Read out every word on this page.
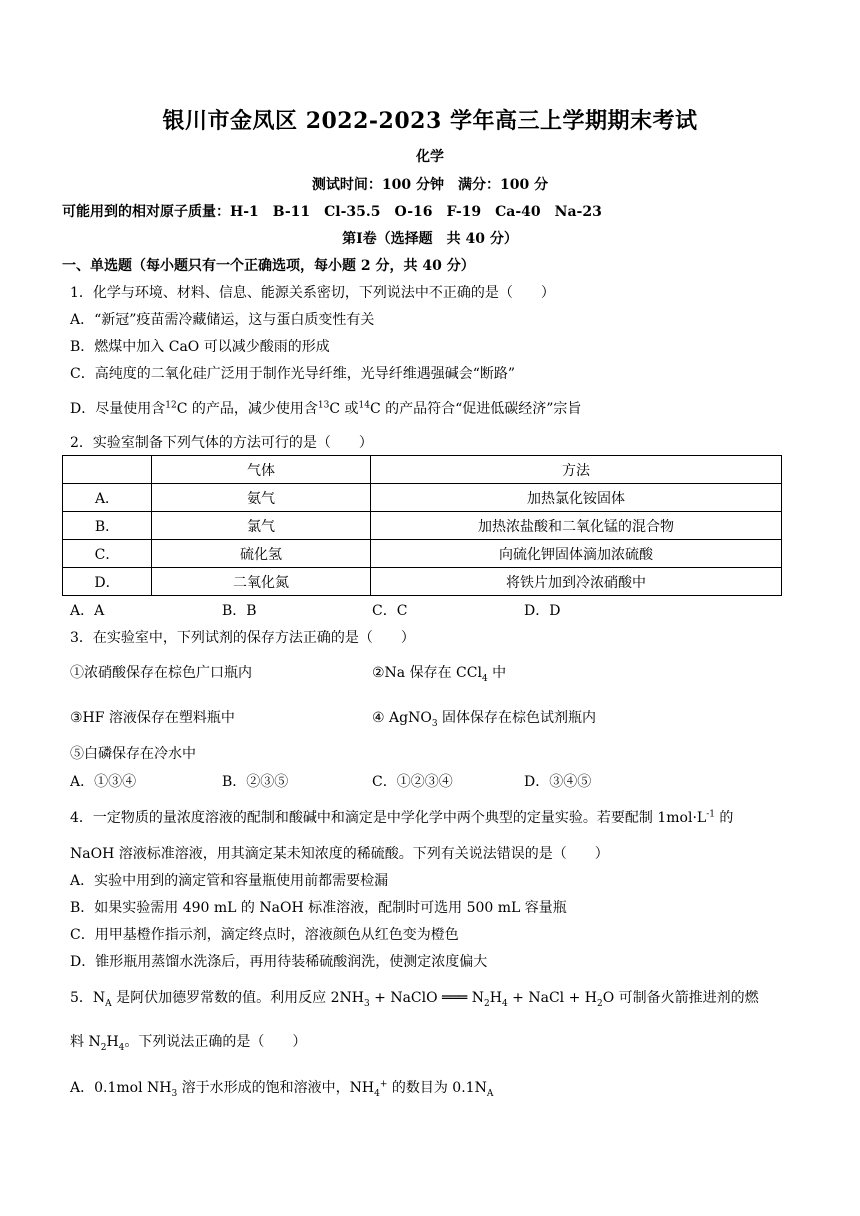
银川市金凤区 2022-2023 学年高三上学期期末考试
化学
测试时间：100 分钟　满分：100 分
可能用到的相对原子质量：H-1　B-11　Cl-35.5　O-16　F-19　Ca-40　Na-23
第Ⅰ卷（选择题　共 40 分）
一、单选题（每小题只有一个正确选项，每小题 2 分，共 40 分）
1．化学与环境、材料、信息、能源关系密切，下列说法中不正确的是（　　）
A．“新冠”疫苗需冷藏储运，这与蛋白质变性有关
B．燃煤中加入 CaO 可以减少酸雨的形成
C．高纯度的二氧化硅广泛用于制作光导纤维，光导纤维遇强碱会“断路”
D．尽量使用含$^{12}$C 的产品，减少使用含$^{13}$C 或$^{14}$C 的产品符合“促进低碳经济”宗旨
2．实验室制备下列气体的方法可行的是（　　）
	气体	方法
A．	氨气	加热氯化铵固体
B．	氯气	加热浓盐酸和二氧化锰的混合物
C．	硫化氢	向硫化钾固体滴加浓硫酸
D．	二氧化氮	将铁片加到冷浓硝酸中
A．A	B．B	C．C	D．D
3．在实验室中，下列试剂的保存方法正确的是（　　）
①浓硝酸保存在棕色广口瓶内	②Na 保存在 CCl$_4$ 中
③HF 溶液保存在塑料瓶中	④ AgNO$_3$ 固体保存在棕色试剂瓶内
⑤白磷保存在冷水中
A．①③④	B．②③⑤	C．①②③④	D．③④⑤
4．一定物质的量浓度溶液的配制和酸碱中和滴定是中学化学中两个典型的定量实验。若要配制 $1mol\cdot L^{-1}$ 的
NaOH 溶液标准溶液，用其滴定某未知浓度的稀硫酸。下列有关说法错误的是（　　）
A．实验中用到的滴定管和容量瓶使用前都需要检漏
B．如果实验需用 490 mL 的 NaOH 标准溶液，配制时可选用 500 mL 容量瓶
C．用甲基橙作指示剂，滴定终点时，溶液颜色从红色变为橙色
D．锥形瓶用蒸馏水洗涤后，再用待装稀硫酸润洗，使测定浓度偏大
5．$N_A$ 是阿伏加德罗常数的值。利用反应 $2NH_3$ + NaClO ═══ $N_2H_4$ + NaCl + $H_2O$ 可制备火箭推进剂的燃
料 $N_2H_4$。下列说法正确的是（　　）
A．0.1mol $NH_3$ 溶于水形成的饱和溶液中，$NH_4^+$ 的数目为 $0.1N_A$
